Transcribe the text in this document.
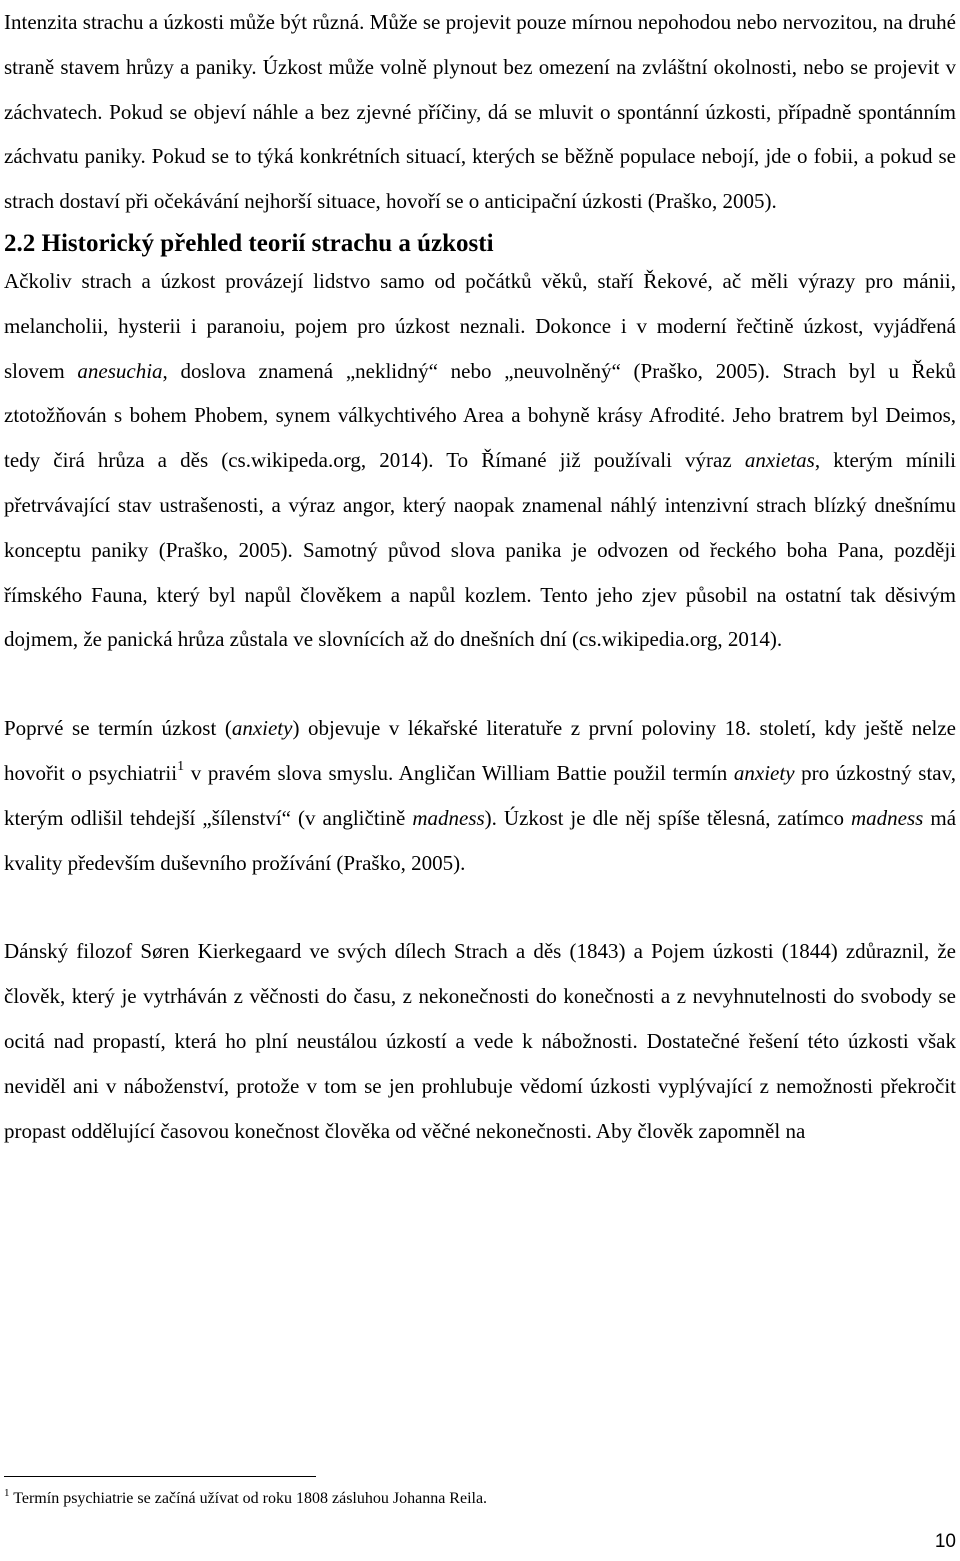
Intenzita strachu a úzkosti může být různá. Může se projevit pouze mírnou nepohodou nebo nervozitou, na druhé straně stavem hrůzy a paniky. Úzkost může volně plynout bez omezení na zvláštní okolnosti, nebo se projevit v záchvatech. Pokud se objeví náhle a bez zjevné příčiny, dá se mluvit o spontánní úzkosti, případně spontánním záchvatu paniky. Pokud se to týká konkrétních situací, kterých se běžně populace nebojí, jde o fobii, a pokud se strach dostaví při očekávání nejhorší situace, hovoří se o anticipační úzkosti (Praško, 2005).

2.2 Historický přehled teorií strachu a úzkosti

Ačkoliv strach a úzkost provázejí lidstvo samo od počátků věků, staří Řekové, ač měli výrazy pro mánii, melancholii, hysterii i paranoiu, pojem pro úzkost neznali. Dokonce i v moderní řečtině úzkost, vyjádřená slovem anesuchia, doslova znamená „neklidný“ nebo „neuvolněný“ (Praško, 2005). Strach byl u Řeků ztotožňován s bohem Phobem, synem válkychtivého Area a bohyně krásy Afrodité. Jeho bratrem byl Deimos, tedy čirá hrůza a děs (cs.wikipeda.org, 2014). To Římané již používali výraz anxietas, kterým mínili přetrvávající stav ustrašenosti, a výraz angor, který naopak znamenal náhlý intenzivní strach blízký dnešnímu konceptu paniky (Praško, 2005). Samotný původ slova panika je odvozen od řeckého boha Pana, později římského Fauna, který byl napůl člověkem a napůl kozlem. Tento jeho zjev působil na ostatní tak děsivým dojmem, že panická hrůza zůstala ve slovnících až do dnešních dní (cs.wikipedia.org, 2014).

Poprvé se termín úzkost (anxiety) objevuje v lékařské literatuře z první poloviny 18. století, kdy ještě nelze hovořit o psychiatrii$^1$ v pravém slova smyslu. Angličan William Battie použil termín anxiety pro úzkostný stav, kterým odlišil tehdejší „šílenství“ (v angličtině madness). Úzkost je dle něj spíše tělesná, zatímco madness má kvality především duševního prožívání (Praško, 2005).

Dánský filozof Søren Kierkegaard ve svých dílech Strach a děs (1843) a Pojem úzkosti (1844) zdůraznil, že člověk, který je vytrháván z věčnosti do času, z nekonečnosti do konečnosti a z nevyhnutelnosti do svobody se ocitá nad propastí, která ho plní neustálou úzkostí a vede k nábožnosti. Dostatečné řešení této úzkosti však neviděl ani v náboženství, protože v tom se jen prohlubuje vědomí úzkosti vyplývající z nemožnosti překročit propast oddělující časovou konečnost člověka od věčné nekonečnosti. Aby člověk zapomněl na

$^1$ Termín psychiatrie se začíná užívat od roku 1808 zásluhou Johanna Reila.
10
